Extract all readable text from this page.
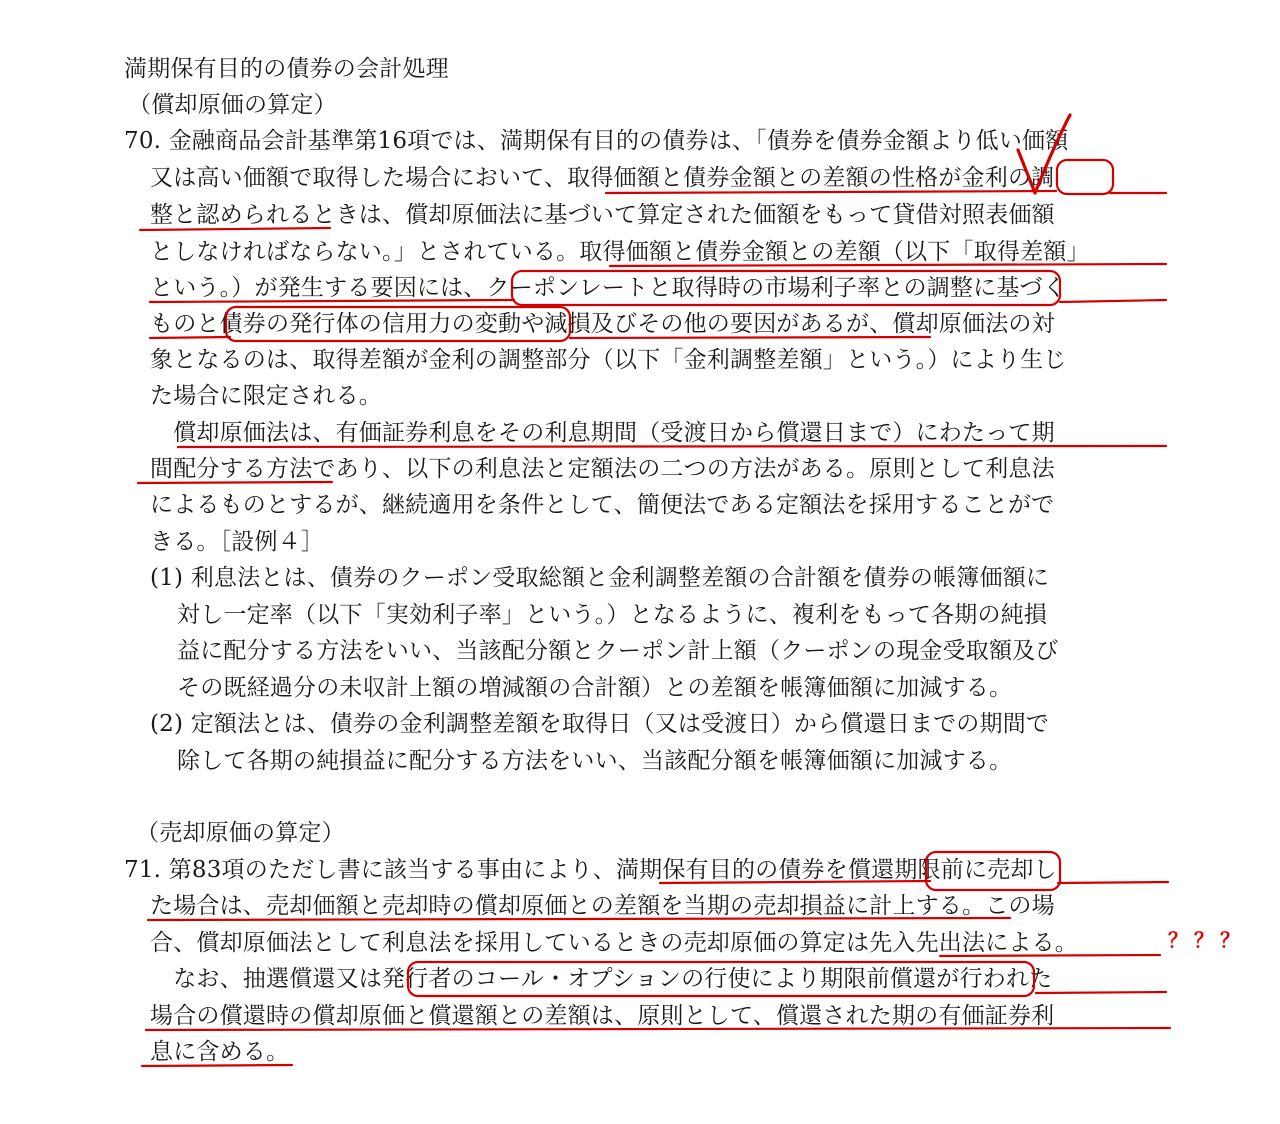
満期保有目的の債券の会計処理
（償却原価の算定）
70. 金融商品会計基準第16項では、満期保有目的の債券は、「債券を債券金額より低い価額
又は高い価額で取得した場合において、取得価額と債券金額との差額の性格が金利の調
整と認められるときは、償却原価法に基づいて算定された価額をもって貸借対照表価額
としなければならない。」とされている。取得価額と債券金額との差額（以下「取得差額」
という。）が発生する要因には、クーポンレートと取得時の市場利子率との調整に基づく
ものと債券の発行体の信用力の変動や減損及びその他の要因があるが、償却原価法の対
象となるのは、取得差額が金利の調整部分（以下「金利調整差額」という。）により生じ
た場合に限定される。
　償却原価法は、有価証券利息をその利息期間（受渡日から償還日まで）にわたって期
間配分する方法であり、以下の利息法と定額法の二つの方法がある。原則として利息法
によるものとするが、継続適用を条件として、簡便法である定額法を採用することがで
きる。［設例４］
(1) 利息法とは、債券のクーポン受取総額と金利調整差額の合計額を債券の帳簿価額に
対し一定率（以下「実効利子率」という。）となるように、複利をもって各期の純損
益に配分する方法をいい、当該配分額とクーポン計上額（クーポンの現金受取額及び
その既経過分の未収計上額の増減額の合計額）との差額を帳簿価額に加減する。
(2) 定額法とは、債券の金利調整差額を取得日（又は受渡日）から償還日までの期間で
除して各期の純損益に配分する方法をいい、当該配分額を帳簿価額に加減する。
（売却原価の算定）
71. 第83項のただし書に該当する事由により、満期保有目的の債券を償還期限前に売却し
た場合は、売却価額と売却時の償却原価との差額を当期の売却損益に計上する。この場
合、償却原価法として利息法を採用しているときの売却原価の算定は先入先出法による。
　なお、抽選償還又は発行者のコール・オプションの行使により期限前償還が行われた
場合の償還時の償却原価と償還額との差額は、原則として、償還された期の有価証券利
息に含める。
？？？
